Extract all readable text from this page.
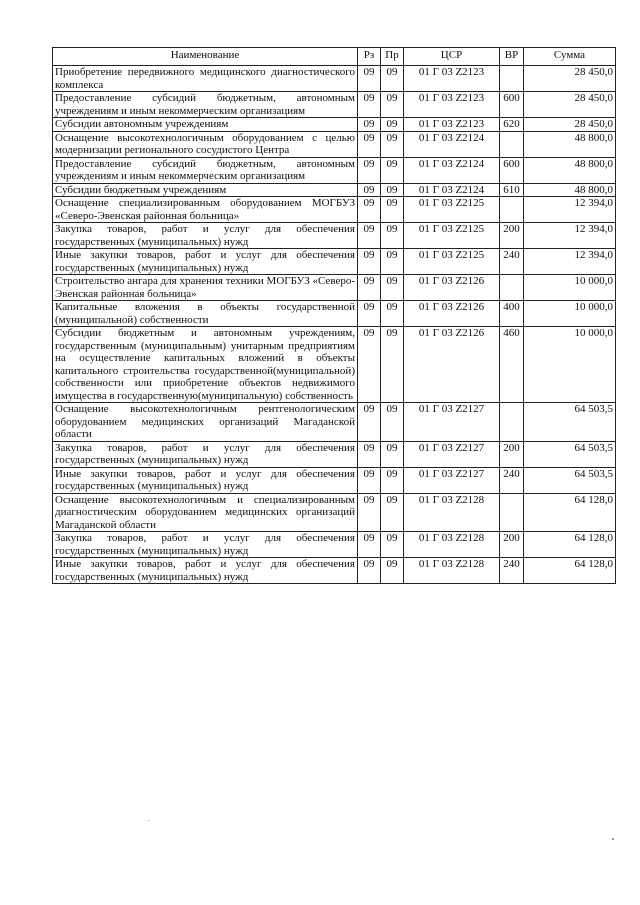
Наименование	Рз	Пр	ЦСР	ВР	Сумма
Приобретение передвижного медицинского диагностического комплекса	09	09	01 Г 03 Z2123		28 450,0
Предоставление субсидий бюджетным, автономным учреждениям и иным некоммерческим организациям	09	09	01 Г 03 Z2123	600	28 450,0
Субсидии автономным учреждениям	09	09	01 Г 03 Z2123	620	28 450,0
Оснащение высокотехнологичным оборудованием с целью модернизации регионального сосудистого Центра	09	09	01 Г 03 Z2124		48 800,0
Предоставление субсидий бюджетным, автономным учреждениям и иным некоммерческим организациям	09	09	01 Г 03 Z2124	600	48 800,0
Субсидии бюджетным учреждениям	09	09	01 Г 03 Z2124	610	48 800,0
Оснащение специализированным оборудованием МОГБУЗ «Северо-Эвенская районная больница»	09	09	01 Г 03 Z2125		12 394,0
Закупка товаров, работ и услуг для обеспечения государственных (муниципальных) нужд	09	09	01 Г 03 Z2125	200	12 394,0
Иные закупки товаров, работ и услуг для обеспечения государственных (муниципальных) нужд	09	09	01 Г 03 Z2125	240	12 394,0
Строительство ангара для хранения техники МОГБУЗ «Северо-Эвенская районная больница»	09	09	01 Г 03 Z2126		10 000,0
Капитальные вложения в объекты государственной (муниципальной) собственности	09	09	01 Г 03 Z2126	400	10 000,0
Субсидии бюджетным и автономным учреждениям, государственным (муниципальным) унитарным предприятиям на осуществление капитальных вложений в объекты капитального строительства государственной(муниципальной) собственности или приобретение объектов недвижимого имущества в государственную(муниципальную) собственность	09	09	01 Г 03 Z2126	460	10 000,0
Оснащение высокотехнологичным рентгенологическим оборудованием медицинских организаций Магаданской области	09	09	01 Г 03 Z2127		64 503,5
Закупка товаров, работ и услуг для обеспечения государственных (муниципальных) нужд	09	09	01 Г 03 Z2127	200	64 503,5
Иные закупки товаров, работ и услуг для обеспечения государственных (муниципальных) нужд	09	09	01 Г 03 Z2127	240	64 503,5
Оснащение высокотехнологичным и специализированным диагностическим оборудованием медицинских организаций Магаданской области	09	09	01 Г 03 Z2128		64 128,0
Закупка товаров, работ и услуг для обеспечения государственных (муниципальных) нужд	09	09	01 Г 03 Z2128	200	64 128,0
Иные закупки товаров, работ и услуг для обеспечения государственных (муниципальных) нужд	09	09	01 Г 03 Z2128	240	64 128,0
